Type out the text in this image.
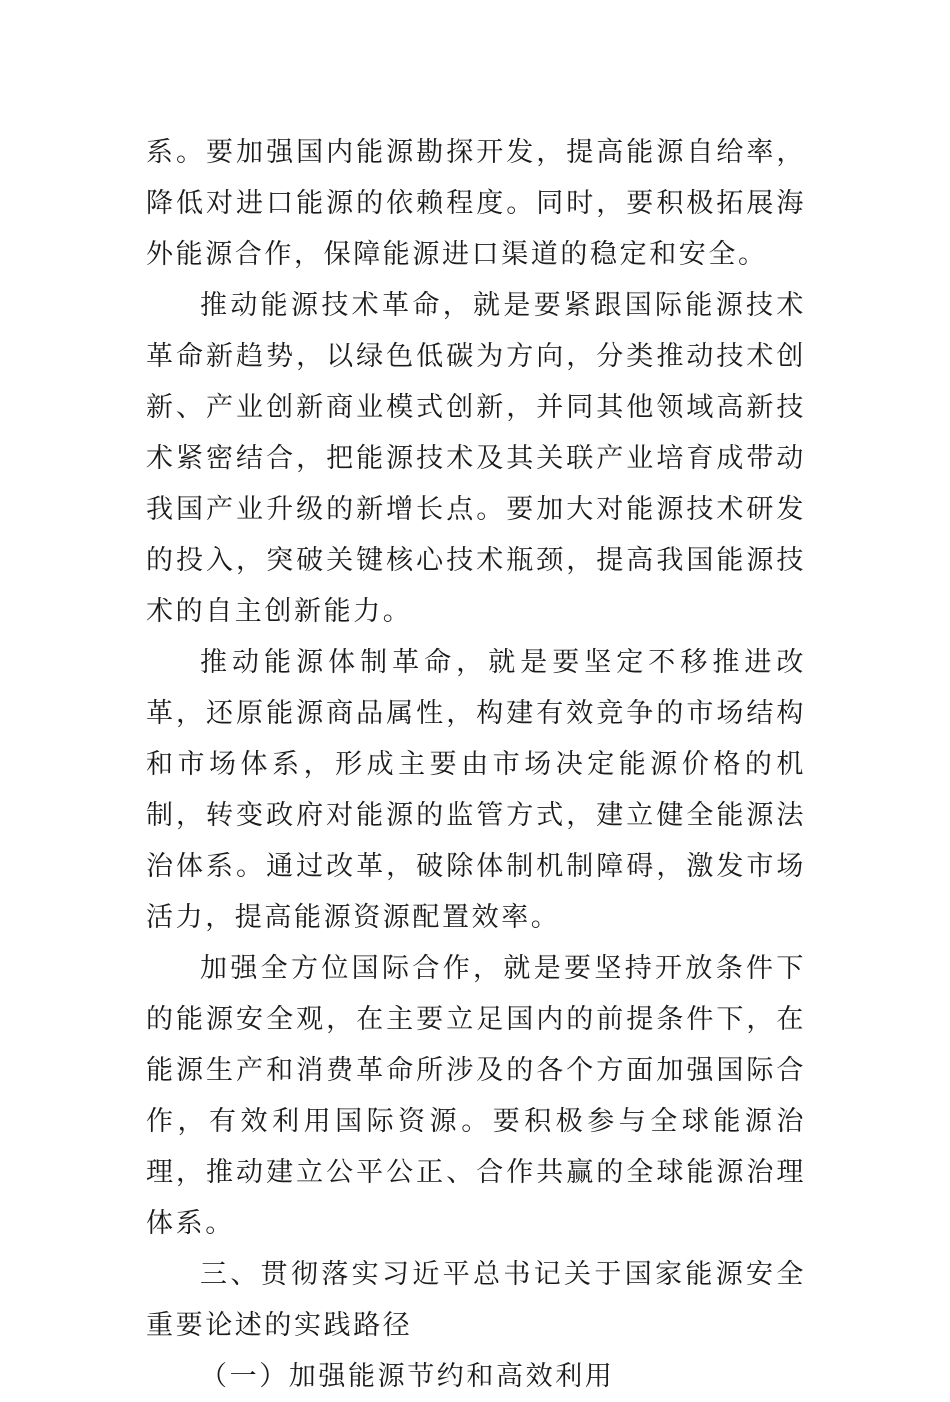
系。要加强国内能源勘探开发，提高能源自给率，降低对进口能源的依赖程度。同时，要积极拓展海外能源合作，保障能源进口渠道的稳定和安全。

推动能源技术革命，就是要紧跟国际能源技术革命新趋势，以绿色低碳为方向，分类推动技术创新、产业创新商业模式创新，并同其他领域高新技术紧密结合，把能源技术及其关联产业培育成带动我国产业升级的新增长点。要加大对能源技术研发的投入，突破关键核心技术瓶颈，提高我国能源技术的自主创新能力。

推动能源体制革命，就是要坚定不移推进改革，还原能源商品属性，构建有效竞争的市场结构和市场体系，形成主要由市场决定能源价格的机制，转变政府对能源的监管方式，建立健全能源法治体系。通过改革，破除体制机制障碍，激发市场活力，提高能源资源配置效率。

加强全方位国际合作，就是要坚持开放条件下的能源安全观，在主要立足国内的前提条件下，在能源生产和消费革命所涉及的各个方面加强国际合作，有效利用国际资源。要积极参与全球能源治理，推动建立公平公正、合作共赢的全球能源治理体系。

三、贯彻落实习近平总书记关于国家能源安全重要论述的实践路径

（一）加强能源节约和高效利用
